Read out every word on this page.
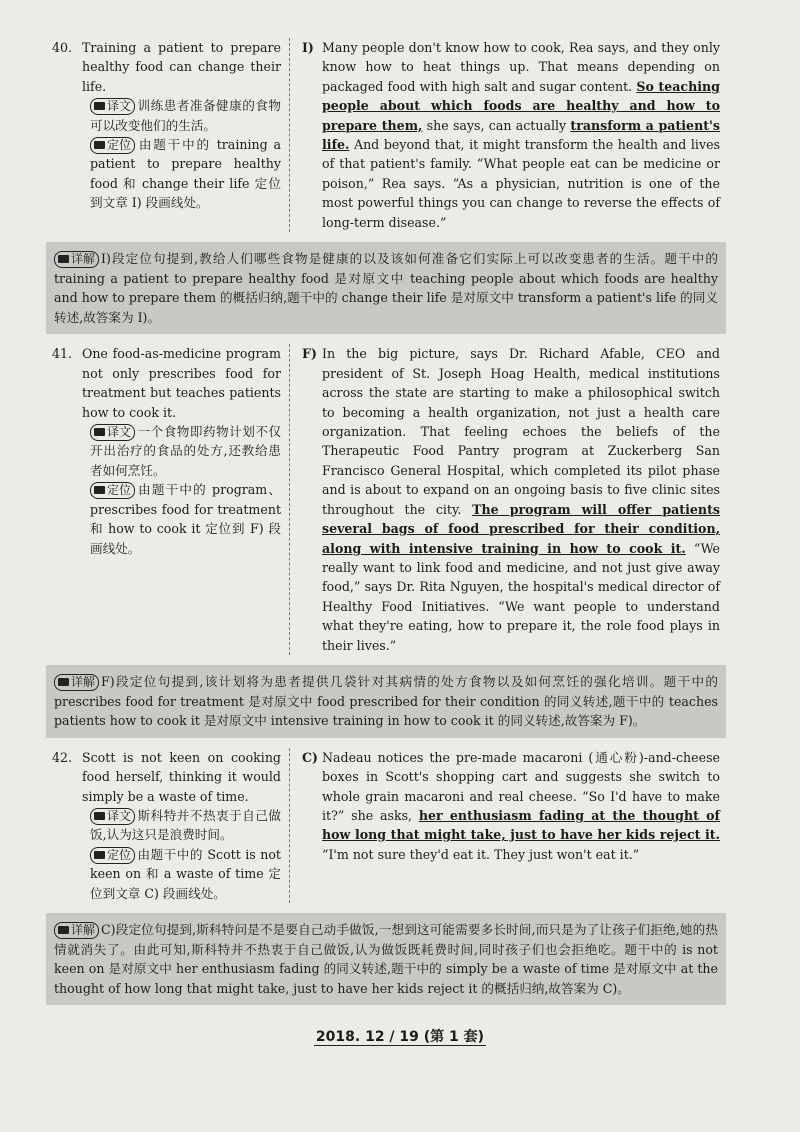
40. Training a patient to prepare healthy food can change their life.
译文 训练患者准备健康的食物可以改变他们的生活。
定位 由题干中的 training a patient to prepare healthy food 和 change their life 定位到文章 I) 段画线处。
I) Many people don't know how to cook, Rea says, and they only know how to heat things up. That means depending on packaged food with high salt and sugar content. So teaching people about which foods are healthy and how to prepare them, she says, can actually transform a patient's life. And beyond that, it might transform the health and lives of that patient's family. “What people eat can be medicine or poison,” Rea says. “As a physician, nutrition is one of the most powerful things you can change to reverse the effects of long-term disease.”
详解 I)段定位句提到,教给人们哪些食物是健康的以及该如何准备它们实际上可以改变患者的生活。题干中的 training a patient to prepare healthy food 是对原文中 teaching people about which foods are healthy and how to prepare them 的概括归纳,题干中的 change their life 是对原文中 transform a patient's life 的同义转述,故答案为 I)。
41. One food-as-medicine program not only prescribes food for treatment but teaches patients how to cook it.
译文 一个食物即药物计划不仅开出治疗的食品的处方,还教给患者如何烹饪。
定位 由题干中的 program、prescribes food for treatment 和 how to cook it 定位到 F) 段画线处。
F) In the big picture, says Dr. Richard Afable, CEO and president of St. Joseph Hoag Health, medical institutions across the state are starting to make a philosophical switch to becoming a health organization, not just a health care organization. That feeling echoes the beliefs of the Therapeutic Food Pantry program at Zuckerberg San Francisco General Hospital, which completed its pilot phase and is about to expand on an ongoing basis to five clinic sites throughout the city. The program will offer patients several bags of food prescribed for their condition, along with intensive training in how to cook it. “We really want to link food and medicine, and not just give away food,” says Dr. Rita Nguyen, the hospital's medical director of Healthy Food Initiatives. “We want people to understand what they're eating, how to prepare it, the role food plays in their lives.”
详解 F)段定位句提到,该计划将为患者提供几袋针对其病情的处方食物以及如何烹饪的强化培训。题干中的 prescribes food for treatment 是对原文中 food prescribed for their condition 的同义转述,题干中的 teaches patients how to cook it 是对原文中 intensive training in how to cook it 的同义转述,故答案为 F)。
42. Scott is not keen on cooking food herself, thinking it would simply be a waste of time.
译文 斯科特并不热衷于自己做饭,认为这只是浪费时间。
定位 由题干中的 Scott is not keen on 和 a waste of time 定位到文章 C) 段画线处。
C) Nadeau notices the pre-made macaroni (通心粉)-and-cheese boxes in Scott's shopping cart and suggests she switch to whole grain macaroni and real cheese. “So I'd have to make it?” she asks, her enthusiasm fading at the thought of how long that might take, just to have her kids reject it. “I'm not sure they'd eat it. They just won't eat it.”
详解 C)段定位句提到,斯科特问是不是要自己动手做饭,一想到这可能需要多长时间,而只是为了让孩子们拒绝,她的热情就消失了。由此可知,斯科特并不热衷于自己做饭,认为做饭既耗费时间,同时孩子们也会拒绝吃。题干中的 is not keen on 是对原文中 her enthusiasm fading 的同义转述,题干中的 simply be a waste of time 是对原文中 at the thought of how long that might take, just to have her kids reject it 的概括归纳,故答案为 C)。
2018. 12 / 19 (第 1 套)
